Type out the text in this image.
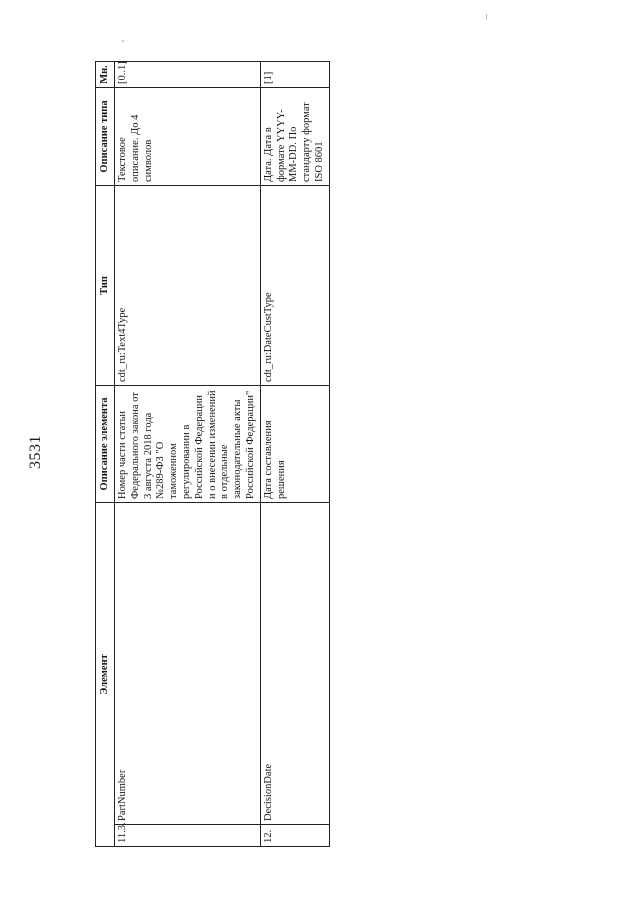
3531
Элемент		Описание элемента	Тип	Описание типа	Мн.
11.3.	PartNumber	Номер части статьи Федерального закона от 3 августа 2018 года №289-ФЗ "О таможенном регулировании в Российской Федерации и о внесении изменений в отдельные законодательные акты Российской Федерации"	cdt_ru:Text4Type	Текстовое описание. До 4 символов	[0..1]
12.	DecisionDate	Дата составления решения	cdt_ru:DateCustType	Дата. Дата в формате YYYY-MM-DD. По стандарту формат ISO 8601	[1]
